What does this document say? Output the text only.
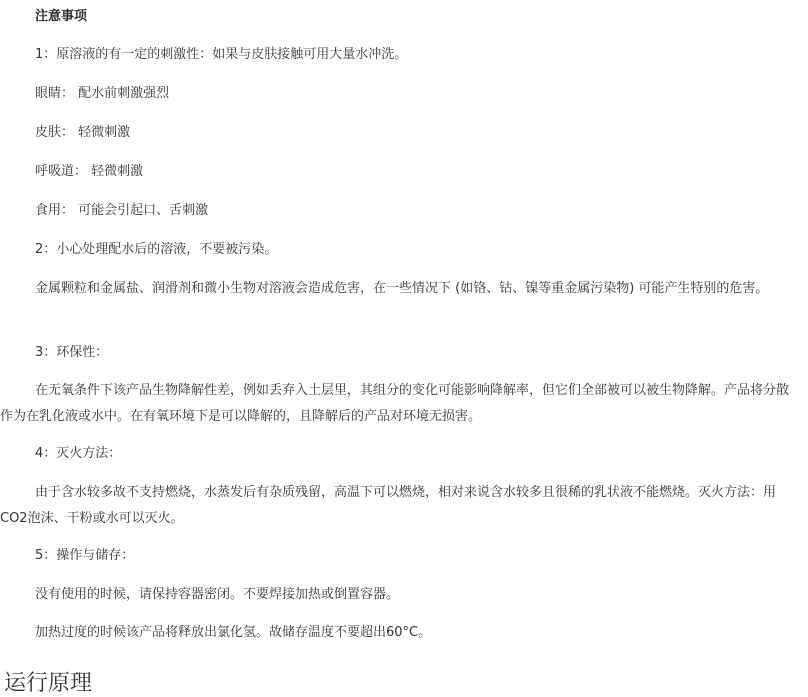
注意事项

1：原溶液的有一定的刺激性：如果与皮肤接触可用大量水冲洗。

眼睛： 配水前刺激强烈

皮肤： 轻微刺激

呼吸道： 轻微刺激

食用： 可能会引起口、舌刺激

2：小心处理配水后的溶液，不要被污染。

金属颗粒和金属盐、润滑剂和微小生物对溶液会造成危害，在一些情况下 (如铬、钴、镍等重金属污染物) 可能产生特别的危害。

3：环保性：

在无氧条件下该产品生物降解性差，例如丢弃入土层里，其组分的变化可能影响降解率，但它们全部被可以被生物降解。产品将分散作为在乳化液或水中。在有氧环境下是可以降解的，且降解后的产品对环境无损害。

4：灭火方法：

由于含水较多故不支持燃烧，水蒸发后有杂质残留，高温下可以燃烧，相对来说含水较多且很稀的乳状液不能燃烧。灭火方法：用CO2泡沫、干粉或水可以灭火。

5：操作与储存：

没有使用的时候，请保持容器密闭。不要焊接加热或倒置容器。

加热过度的时候该产品将释放出氯化氢。故储存温度不要超出60°C。

运行原理
